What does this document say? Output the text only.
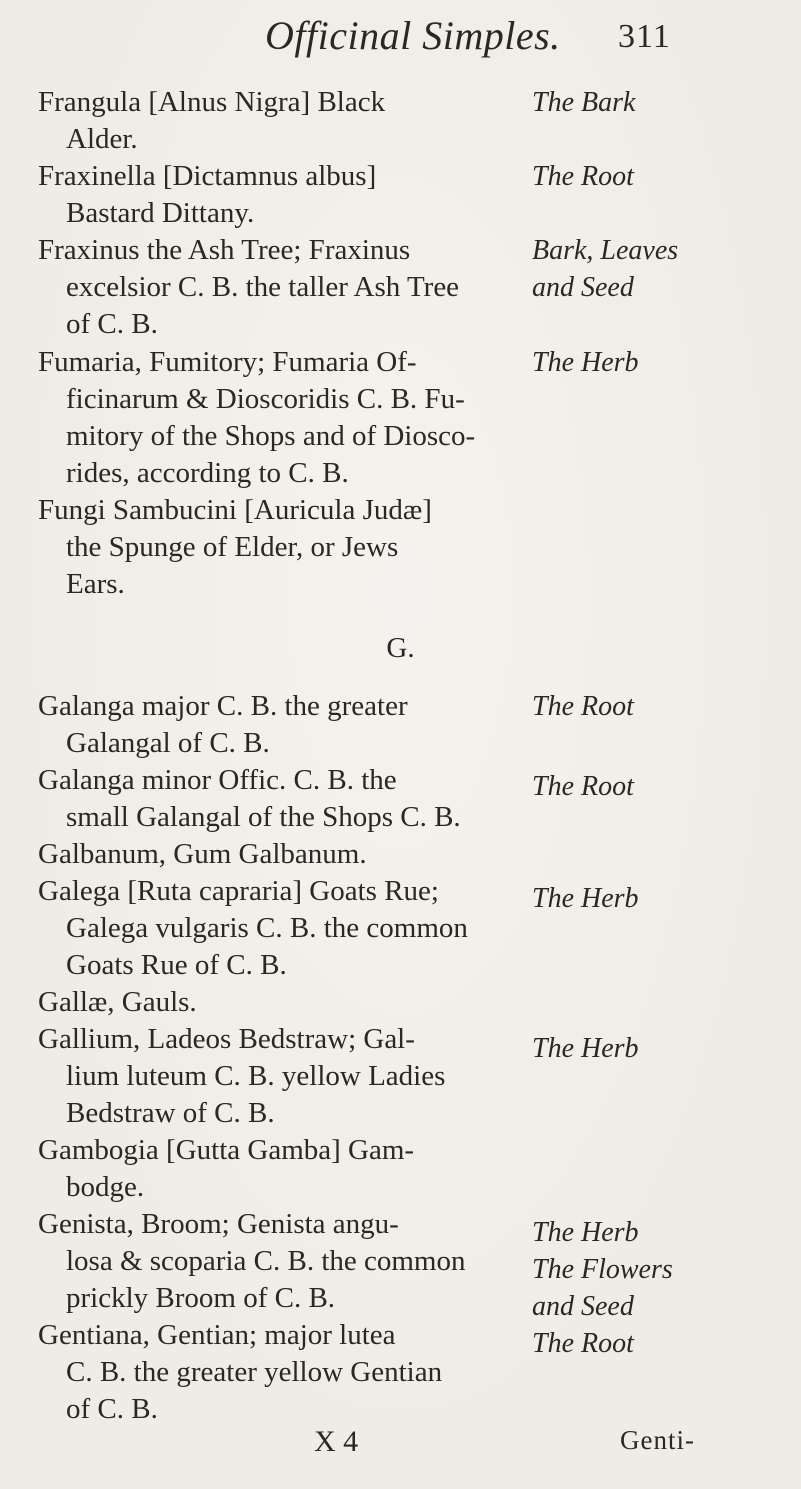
Officinal Simples. 311
Frangula [Alnus Nigra] Black
Alder.
The Bark
Fraxinella [Dictamnus albus]
Bastard Dittany.
The Root
Fraxinus the Ash Tree; Fraxinus
excelsior C. B. the taller Ash Tree
of C. B.
Bark, Leaves
and Seed
Fumaria, Fumitory; Fumaria Of-
ficinarum & Dioscoridis C. B. Fu-
mitory of the Shops and of Diosco-
rides, according to C. B.
The Herb
Fungi Sambucini [Auricula Judæ]
the Spunge of Elder, or Jews
Ears.
G.
Galanga major C. B. the greater
Galangal of C. B.
The Root
Galanga minor Offic. C. B. the
small Galangal of the Shops C. B.
The Root
Galbanum, Gum Galbanum.
Galega [Ruta capraria] Goats Rue;
Galega vulgaris C. B. the common
Goats Rue of C. B.
The Herb
Gallæ, Gauls.
Gallium, Ladeos Bedstraw; Gal-
lium luteum C. B. yellow Ladies
Bedstraw of C. B.
The Herb
Gambogia [Gutta Gamba] Gam-
bodge.
Genista, Broom; Genista angu-
losa & scoparia C. B. the common
prickly Broom of C. B.
The Herb
The Flowers
and Seed
Gentiana, Gentian; major lutea
C. B. the greater yellow Gentian
of C. B.
The Root
X 4	Genti-
